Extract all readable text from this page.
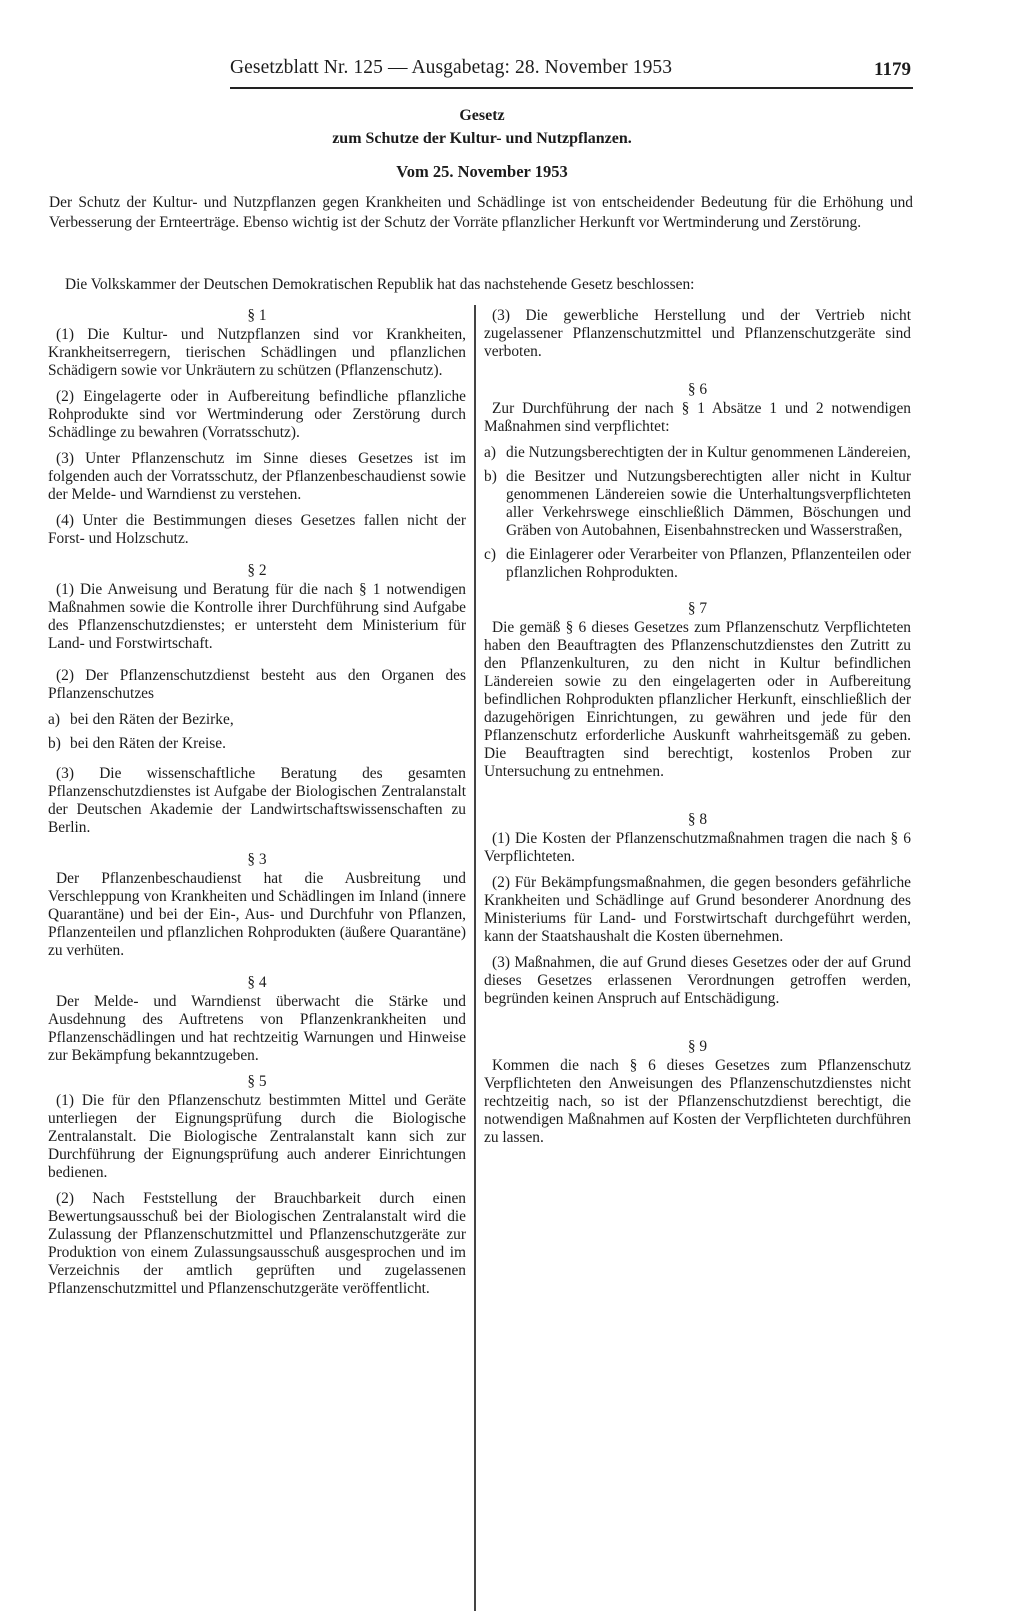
Gesetzblatt Nr. 125 — Ausgabetag: 28. November 1953	1179
Gesetz
zum Schutze der Kultur- und Nutzpflanzen.
Vom 25. November 1953
Der Schutz der Kultur- und Nutzpflanzen gegen Krankheiten und Schädlinge ist von entscheidender Bedeutung für die Erhöhung und Verbesserung der Ernteerträge. Ebenso wichtig ist der Schutz der Vorräte pflanzlicher Herkunft vor Wertminderung und Zerstörung.
Die Volkskammer der Deutschen Demokratischen Republik hat das nachstehende Gesetz beschlossen:
§ 1

(1) Die Kultur- und Nutzpflanzen sind vor Krankheiten, Krankheitserregern, tierischen Schädlingen und pflanzlichen Schädigern sowie vor Unkräutern zu schützen (Pflanzenschutz).

(2) Eingelagerte oder in Aufbereitung befindliche pflanzliche Rohprodukte sind vor Wertminderung oder Zerstörung durch Schädlinge zu bewahren (Vorratsschutz).

(3) Unter Pflanzenschutz im Sinne dieses Gesetzes ist im folgenden auch der Vorratsschutz, der Pflanzenbeschaudienst sowie der Melde- und Warndienst zu verstehen.

(4) Unter die Bestimmungen dieses Gesetzes fallen nicht der Forst- und Holzschutz.

§ 2

(1) Die Anweisung und Beratung für die nach § 1 notwendigen Maßnahmen sowie die Kontrolle ihrer Durchführung sind Aufgabe des Pflanzenschutzdienstes; er untersteht dem Ministerium für Land- und Forstwirtschaft.

(2) Der Pflanzenschutzdienst besteht aus den Organen des Pflanzenschutzes

a) bei den Räten der Bezirke,
b) bei den Räten der Kreise.

(3) Die wissenschaftliche Beratung des gesamten Pflanzenschutzdienstes ist Aufgabe der Biologischen Zentralanstalt der Deutschen Akademie der Landwirtschaftswissenschaften zu Berlin.

§ 3

Der Pflanzenbeschaudienst hat die Ausbreitung und Verschleppung von Krankheiten und Schädlingen im Inland (innere Quarantäne) und bei der Ein-, Aus- und Durchfuhr von Pflanzen, Pflanzenteilen und pflanzlichen Rohprodukten (äußere Quarantäne) zu verhüten.

§ 4

Der Melde- und Warndienst überwacht die Stärke und Ausdehnung des Auftretens von Pflanzenkrankheiten und Pflanzenschädlingen und hat rechtzeitig Warnungen und Hinweise zur Bekämpfung bekanntzugeben.

§ 5

(1) Die für den Pflanzenschutz bestimmten Mittel und Geräte unterliegen der Eignungsprüfung durch die Biologische Zentralanstalt. Die Biologische Zentralanstalt kann sich zur Durchführung der Eignungsprüfung auch anderer Einrichtungen bedienen.

(2) Nach Feststellung der Brauchbarkeit durch einen Bewertungsausschuß bei der Biologischen Zentralanstalt wird die Zulassung der Pflanzenschutzmittel und Pflanzenschutzgeräte zur Produktion von einem Zulassungsausschuß ausgesprochen und im Verzeichnis der amtlich geprüften und zugelassenen Pflanzenschutzmittel und Pflanzenschutzgeräte veröffentlicht.

(3) Die gewerbliche Herstellung und der Vertrieb nicht zugelassener Pflanzenschutzmittel und Pflanzenschutzgeräte sind verboten.

§ 6

Zur Durchführung der nach § 1 Absätze 1 und 2 notwendigen Maßnahmen sind verpflichtet:

a) die Nutzungsberechtigten der in Kultur genommenen Ländereien,
b) die Besitzer und Nutzungsberechtigten aller nicht in Kultur genommenen Ländereien sowie die Unterhaltungsverpflichteten aller Verkehrswege einschließlich Dämmen, Böschungen und Gräben von Autobahnen, Eisenbahnstrecken und Wasserstraßen,
c) die Einlagerer oder Verarbeiter von Pflanzen, Pflanzenteilen oder pflanzlichen Rohprodukten.
§ 7

Die gemäß § 6 dieses Gesetzes zum Pflanzenschutz Verpflichteten haben den Beauftragten des Pflanzenschutzdienstes den Zutritt zu den Pflanzenkulturen, zu den nicht in Kultur befindlichen Ländereien sowie zu den eingelagerten oder in Aufbereitung befindlichen Rohprodukten pflanzlicher Herkunft, einschließlich der dazugehörigen Einrichtungen, zu gewähren und jede für den Pflanzenschutz erforderliche Auskunft wahrheitsgemäß zu geben. Die Beauftragten sind berechtigt, kostenlos Proben zur Untersuchung zu entnehmen.

§ 8

(1) Die Kosten der Pflanzenschutzmaßnahmen tragen die nach § 6 Verpflichteten.

(2) Für Bekämpfungsmaßnahmen, die gegen besonders gefährliche Krankheiten und Schädlinge auf Grund besonderer Anordnung des Ministeriums für Land- und Forstwirtschaft durchgeführt werden, kann der Staatshaushalt die Kosten übernehmen.

(3) Maßnahmen, die auf Grund dieses Gesetzes oder der auf Grund dieses Gesetzes erlassenen Verordnungen getroffen werden, begründen keinen Anspruch auf Entschädigung.

§ 9

Kommen die nach § 6 dieses Gesetzes zum Pflanzenschutz Verpflichteten den Anweisungen des Pflanzenschutzdienstes nicht rechtzeitig nach, so ist der Pflanzenschutzdienst berechtigt, die notwendigen Maßnahmen auf Kosten der Verpflichteten durchführen zu lassen.
